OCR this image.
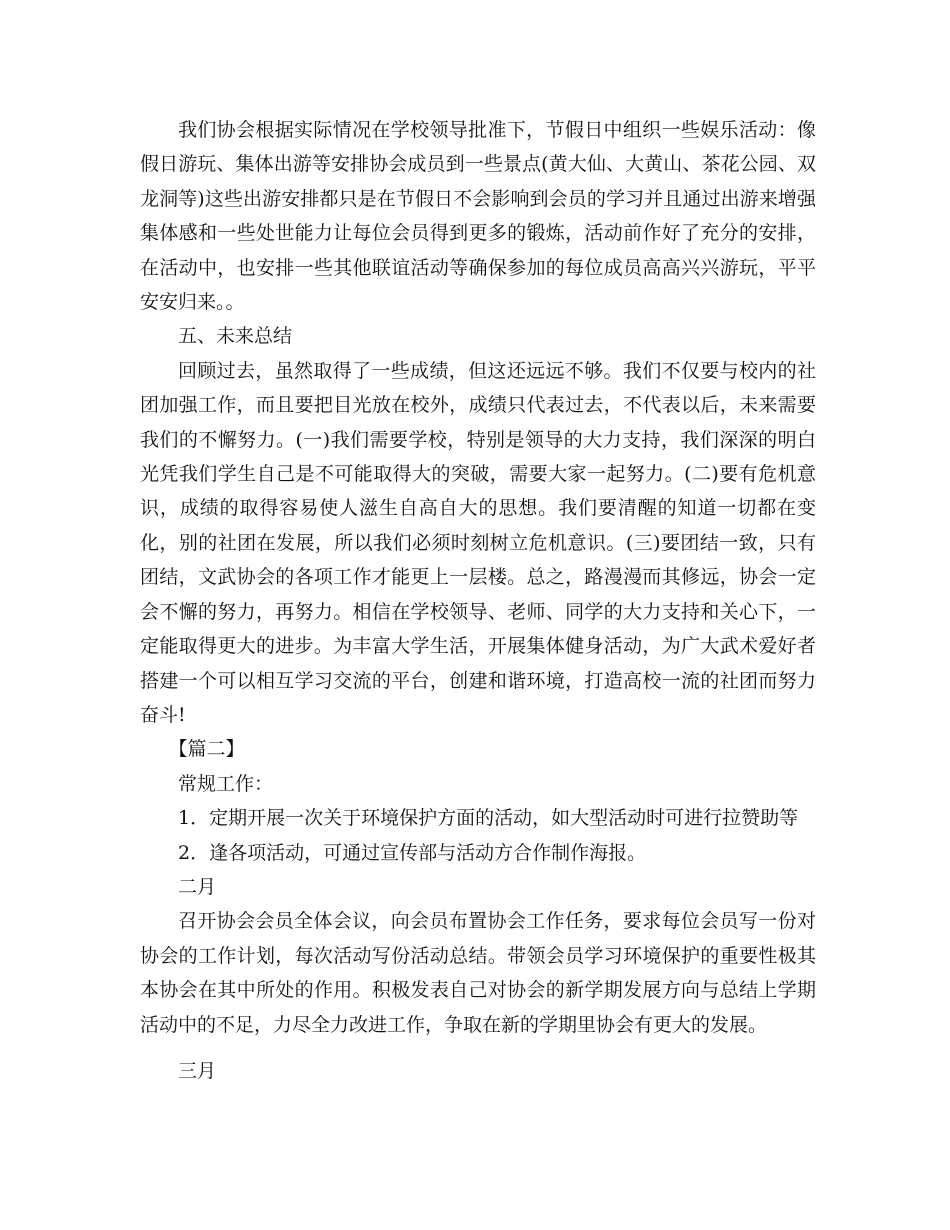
我们协会根据实际情况在学校领导批准下，节假日中组织一些娱乐活动：像假日游玩、集体出游等安排协会成员到一些景点(黄大仙、大黄山、茶花公园、双龙洞等)这些出游安排都只是在节假日不会影响到会员的学习并且通过出游来增强集体感和一些处世能力让每位会员得到更多的锻炼，活动前作好了充分的安排，在活动中，也安排一些其他联谊活动等确保参加的每位成员高高兴兴游玩，平平安安归来。。

五、未来总结

回顾过去，虽然取得了一些成绩，但这还远远不够。我们不仅要与校内的社团加强工作，而且要把目光放在校外，成绩只代表过去，不代表以后，未来需要我们的不懈努力。(一)我们需要学校，特别是领导的大力支持，我们深深的明白光凭我们学生自己是不可能取得大的突破，需要大家一起努力。(二)要有危机意识，成绩的取得容易使人滋生自高自大的思想。我们要清醒的知道一切都在变化，别的社团在发展，所以我们必须时刻树立危机意识。(三)要团结一致，只有团结，文武协会的各项工作才能更上一层楼。总之，路漫漫而其修远，协会一定会不懈的努力，再努力。相信在学校领导、老师、同学的大力支持和关心下，一定能取得更大的进步。为丰富大学生活，开展集体健身活动，为广大武术爱好者搭建一个可以相互学习交流的平台，创建和谐环境，打造高校一流的社团而努力奋斗!

【篇二】

常规工作：

1．定期开展一次关于环境保护方面的活动，如大型活动时可进行拉赞助等

2．逢各项活动，可通过宣传部与活动方合作制作海报。

二月

召开协会会员全体会议，向会员布置协会工作任务，要求每位会员写一份对协会的工作计划，每次活动写份活动总结。带领会员学习环境保护的重要性极其本协会在其中所处的作用。积极发表自己对协会的新学期发展方向与总结上学期活动中的不足，力尽全力改进工作，争取在新的学期里协会有更大的发展。

三月
